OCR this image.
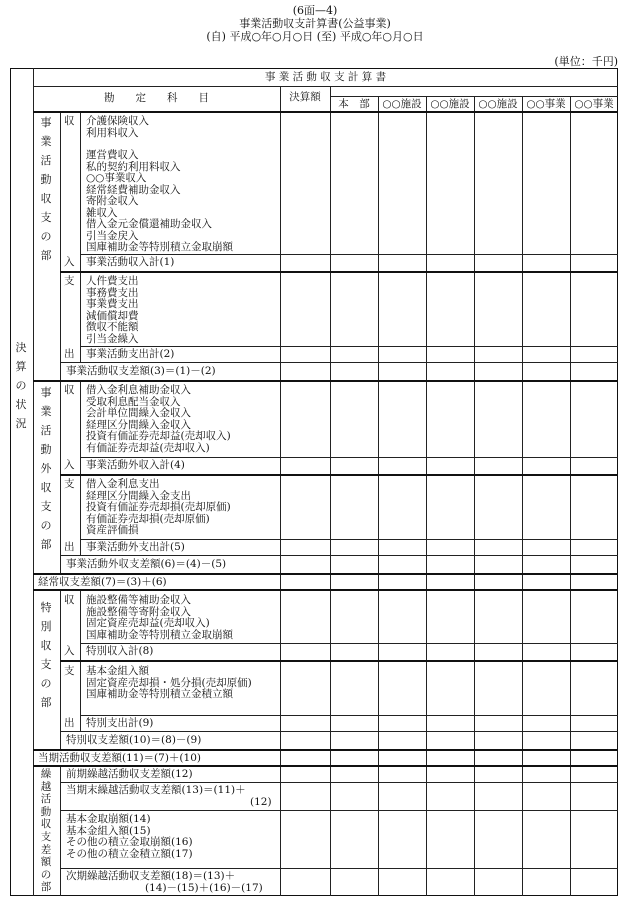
(6面—4)
事業活動収支計算書(公益事業)
(自) 平成○年○月○日 (至) 平成○年○月○日
(単位：千円)
事 業 活 動 収 支 計 算 書
勘　　定　　科　　目	決算額
本　部	○○施設 ○○施設 ○○施設 ○○事業 ○○事業
決
算
の
状
況
事
業
活
動
収
支
の
部
収
入
介護保険収入
利用料収入
運営費収入
私的契約利用料収入
○○事業収入
経常経費補助金収入
寄附金収入
雑収入
借入金元金償還補助金収入
引当金戻入
国庫補助金等特別積立金取崩額
事業活動収入計(1)
支
出
人件費支出
事務費支出
事業費支出
減価償却費
徴収不能額
引当金繰入
事業活動支出計(2)
事業活動収支差額(3)＝(1)－(2)
事
業
活
動
外
収
支
の
部
収
入
借入金利息補助金収入
受取利息配当金収入
会計単位間繰入金収入
経理区分間繰入金収入
投資有価証券売却益(売却収入)
有価証券売却益(売却収入)
事業活動外収入計(4)
支
出
借入金利息支出
経理区分間繰入金支出
投資有価証券売却損(売却原価)
有価証券売却損(売却原価)
資産評価損
事業活動外支出計(5)
事業活動外収支差額(6)＝(4)－(5)
経常収支差額(7)＝(3)＋(6)
特
別
収
支
の
部
収
入
施設整備等補助金収入
施設整備等寄附金収入
固定資産売却益(売却収入)
国庫補助金等特別積立金取崩額
特別収入計(8)
支
出
基本金組入額
固定資産売却損・処分損(売却原価)
国庫補助金等特別積立金積立額
特別支出計(9)
特別収支差額(10)＝(8)－(9)
当期活動収支差額(11)＝(7)＋(10)
繰
越
活
動
収
支
差
額
の
部
前期繰越活動収支差額(12)
当期末繰越活動収支差額(13)＝(11)＋
(12)
基本金取崩額(14)
基本金組入額(15)
その他の積立金取崩額(16)
その他の積立金積立額(17)
次期繰越活動収支差額(18)＝(13)＋
(14)－(15)＋(16)－(17)
